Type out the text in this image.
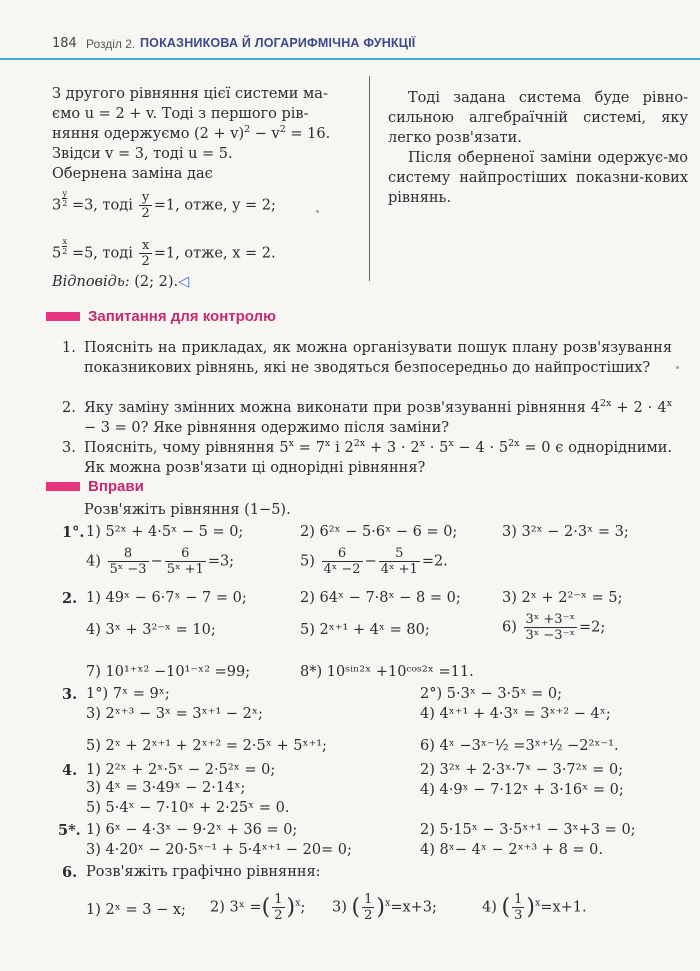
184 Розділ 2. ПОКАЗНИКОВА Й ЛОГАРИФМІЧНА ФУНКЦІЇ

З другого рівняння цієї системи ма-

ємо u = 2 + v. Тоді з першого рів-

няння одержуємо $(2 + v)^2 - v^2 = 16$.

Звідси v = 3, тоді u = 5.

Обернена заміна дає

$3 \frac{y}{2} =3$, тоді $\frac{y}{2} =1$, отже, y = 2;
$5 \frac{x}{2} =5$, тоді $\frac{x}{2} =1$, отже, x = 2.
Відповідь: (2; 2).◁

Тоді задана система буде рівно-сильною алгебраїчній системі, яку легко розв'язати.

Після оберненої заміни одержує-мо систему найпростіших показни-кових рівнянь.

Запитання для контролю
1. Поясніть на прикладах, як можна організувати пошук плану розв'язування показникових рівнянь, які не зводяться безпосередньо до найпростіших?
2. Яку заміну змінних можна виконати при розв'язуванні рівняння $4^{2x} + 2 \cdot 4^x - 3 = 0$? Яке рівняння одержимо після заміни?
3. Поясніть, чому рівняння $5^x = 7^x$ і $2^{2x} + 3 \cdot 2^x \cdot 5^x - 4 \cdot 5^{2x} = 0$ є однорідними. Як можна розв'язати ці однорідні рівняння?
Вправи
Розв'яжіть рівняння (1−5).
1°. 1) 5²ˣ + 4·5ˣ − 5 = 0;	2) 6²ˣ − 5·6ˣ − 6 = 0;	3) 3²ˣ − 2·3ˣ = 3;
$4) \frac{8}{\text{5ˣ −3}} - \frac{6}{\text{5ˣ +1}} =3$;	$5) \frac{6}{\text{4ˣ −2}} - \frac{5}{\text{4ˣ +1}} =2$.
2. 1) 49ˣ − 6·7ˣ − 7 = 0;	2) 64ˣ − 7·8ˣ − 8 = 0;	3) 2ˣ + 2²⁻ˣ = 5;
4) 3ˣ + 3²⁻ˣ = 10;	5) 2ˣ⁺¹ + 4ˣ = 80;	$6) \frac{\text{3ˣ +3⁻ˣ}}{\text{3ˣ −3⁻ˣ}} =2$;
7) 10¹⁺ˣ² −10¹⁻ˣ² =99;	8*) 10ˢⁱⁿ²ˣ +10ᶜᵒˢ²ˣ =11.
3. 1°) 7ˣ = 9ˣ;	2°) 5·3ˣ − 3·5ˣ = 0;
3) 2ˣ⁺³ − 3ˣ = 3ˣ⁺¹ − 2ˣ;	4) 4ˣ⁺¹ + 4·3ˣ = 3ˣ⁺² − 4ˣ;
5) 2ˣ + 2ˣ⁺¹ + 2ˣ⁺² = 2·5ˣ + 5ˣ⁺¹;	6) 4ˣ −3ˣ⁻½ =3ˣ⁺½ −2²ˣ⁻¹.
4. 1) 2²ˣ + 2ˣ·5ˣ − 2·5²ˣ = 0;	2) 3²ˣ + 2·3ˣ·7ˣ − 3·7²ˣ = 0;
3) 4ˣ = 3·49ˣ − 2·14ˣ;	4) 4·9ˣ − 7·12ˣ + 3·16ˣ = 0;
5) 5·4ˣ − 7·10ˣ + 2·25ˣ = 0.
5*. 1) 6ˣ − 4·3ˣ − 9·2ˣ + 36 = 0;	2) 5·15ˣ − 3·5ˣ⁺¹ − 3ˣ+3 = 0;
3) 4·20ˣ − 20·5ˣ⁻¹ + 5·4ˣ⁺¹ − 20= 0;	4) 8ˣ− 4ˣ − 2ˣ⁺³ + 8 = 0.
6. Розв'яжіть графічно рівняння:
1) 2ˣ = 3 − x; 2) 3ˣ =( $\frac{1}{2} )^x$; 3) ( $\frac{1}{2} )^x=x+3$;	4) ( $\frac{1}{3} )^x=x+1$.
